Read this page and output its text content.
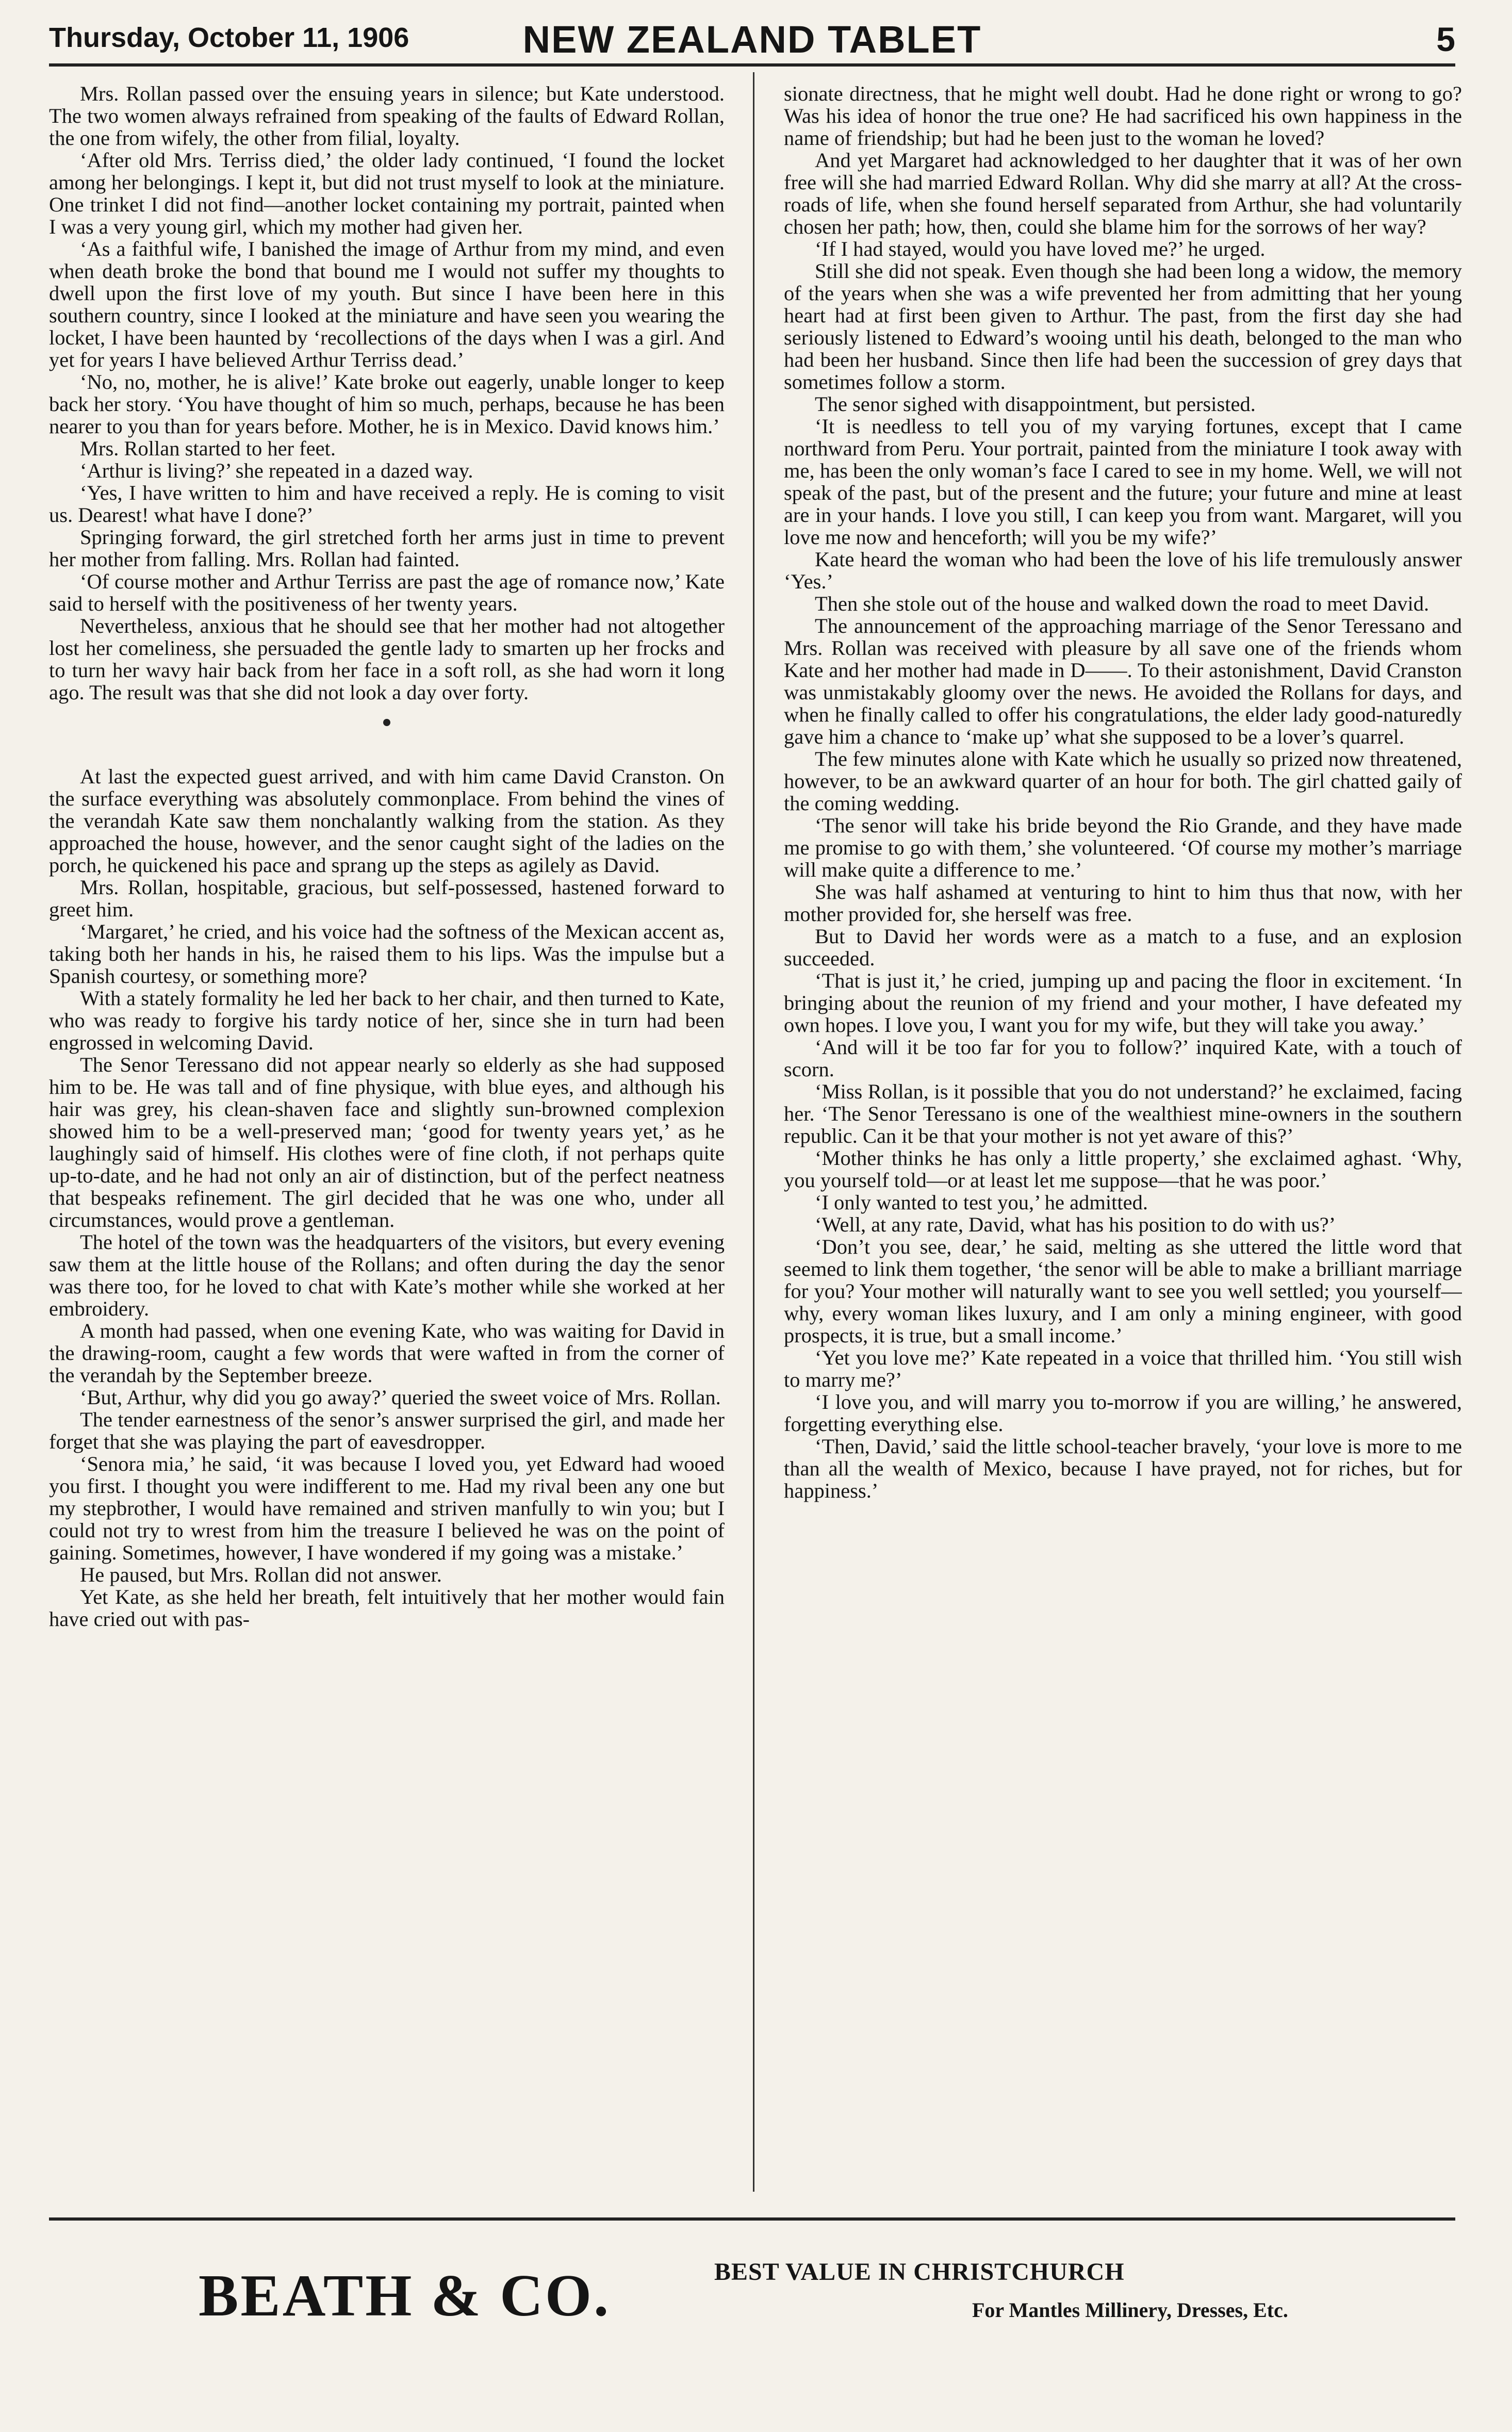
Thursday, October 11, 1906	NEW ZEALAND TABLET	5

Mrs. Rollan passed over the ensuing years in silence; but Kate understood. The two women always refrained from speaking of the faults of Edward Rollan, the one from wifely, the other from filial, loyalty.

‘After old Mrs. Terriss died,’ the older lady continued, ‘I found the locket among her belongings. I kept it, but did not trust myself to look at the miniature. One trinket I did not find—another locket containing my portrait, painted when I was a very young girl, which my mother had given her.

‘As a faithful wife, I banished the image of Arthur from my mind, and even when death broke the bond that bound me I would not suffer my thoughts to dwell upon the first love of my youth. But since I have been here in this southern country, since I looked at the miniature and have seen you wearing the locket, I have been haunted by ‘recollections of the days when I was a girl. And yet for years I have believed Arthur Terriss dead.’

‘No, no, mother, he is alive!’ Kate broke out eagerly, unable longer to keep back her story. ‘You have thought of him so much, perhaps, because he has been nearer to you than for years before. Mother, he is in Mexico. David knows him.’

Mrs. Rollan started to her feet.

‘Arthur is living?’ she repeated in a dazed way.

‘Yes, I have written to him and have received a reply. He is coming to visit us. Dearest! what have I done?’

Springing forward, the girl stretched forth her arms just in time to prevent her mother from falling. Mrs. Rollan had fainted.

‘Of course mother and Arthur Terriss are past the age of romance now,’ Kate said to herself with the positiveness of her twenty years.

Nevertheless, anxious that he should see that her mother had not altogether lost her comeliness, she persuaded the gentle lady to smarten up her frocks and to turn her wavy hair back from her face in a soft roll, as she had worn it long ago. The result was that she did not look a day over forty.

At last the expected guest arrived, and with him came David Cranston. On the surface everything was absolutely commonplace. From behind the vines of the verandah Kate saw them nonchalantly walking from the station. As they approached the house, however, and the senor caught sight of the ladies on the porch, he quickened his pace and sprang up the steps as agilely as David.

Mrs. Rollan, hospitable, gracious, but self-possessed, hastened forward to greet him.

‘Margaret,’ he cried, and his voice had the softness of the Mexican accent as, taking both her hands in his, he raised them to his lips. Was the impulse but a Spanish courtesy, or something more?

With a stately formality he led her back to her chair, and then turned to Kate, who was ready to forgive his tardy notice of her, since she in turn had been engrossed in welcoming David.

The Senor Teressano did not appear nearly so elderly as she had supposed him to be. He was tall and of fine physique, with blue eyes, and although his hair was grey, his clean-shaven face and slightly sun-browned complexion showed him to be a well-preserved man; ‘good for twenty years yet,’ as he laughingly said of himself. His clothes were of fine cloth, if not perhaps quite up-to-date, and he had not only an air of distinction, but of the perfect neatness that bespeaks refinement. The girl decided that he was one who, under all circumstances, would prove a gentleman.

The hotel of the town was the headquarters of the visitors, but every evening saw them at the little house of the Rollans; and often during the day the senor was there too, for he loved to chat with Kate’s mother while she worked at her embroidery.

A month had passed, when one evening Kate, who was waiting for David in the drawing-room, caught a few words that were wafted in from the corner of the verandah by the September breeze.

‘But, Arthur, why did you go away?’ queried the sweet voice of Mrs. Rollan.

The tender earnestness of the senor’s answer surprised the girl, and made her forget that she was playing the part of eavesdropper.

‘Senora mia,’ he said, ‘it was because I loved you, yet Edward had wooed you first. I thought you were indifferent to me. Had my rival been any one but my stepbrother, I would have remained and striven manfully to win you; but I could not try to wrest from him the treasure I believed he was on the point of gaining. Sometimes, however, I have wondered if my going was a mistake.’

He paused, but Mrs. Rollan did not answer.

Yet Kate, as she held her breath, felt intuitively that her mother would fain have cried out with pas-

sionate directness, that he might well doubt. Had he done right or wrong to go? Was his idea of honor the true one? He had sacrificed his own happiness in the name of friendship; but had he been just to the woman he loved?

And yet Margaret had acknowledged to her daughter that it was of her own free will she had married Edward Rollan. Why did she marry at all? At the cross-roads of life, when she found herself separated from Arthur, she had voluntarily chosen her path; how, then, could she blame him for the sorrows of her way?

‘If I had stayed, would you have loved me?’ he urged.

Still she did not speak. Even though she had been long a widow, the memory of the years when she was a wife prevented her from admitting that her young heart had at first been given to Arthur. The past, from the first day she had seriously listened to Edward’s wooing until his death, belonged to the man who had been her husband. Since then life had been the succession of grey days that sometimes follow a storm.

The senor sighed with disappointment, but persisted.

‘It is needless to tell you of my varying fortunes, except that I came northward from Peru. Your portrait, painted from the miniature I took away with me, has been the only woman’s face I cared to see in my home. Well, we will not speak of the past, but of the present and the future; your future and mine at least are in your hands. I love you still, I can keep you from want. Margaret, will you love me now and henceforth; will you be my wife?’

Kate heard the woman who had been the love of his life tremulously answer ‘Yes.’

Then she stole out of the house and walked down the road to meet David.

The announcement of the approaching marriage of the Senor Teressano and Mrs. Rollan was received with pleasure by all save one of the friends whom Kate and her mother had made in D——. To their astonishment, David Cranston was unmistakably gloomy over the news. He avoided the Rollans for days, and when he finally called to offer his congratulations, the elder lady good-naturedly gave him a chance to ‘make up’ what she supposed to be a lover’s quarrel.

The few minutes alone with Kate which he usually so prized now threatened, however, to be an awkward quarter of an hour for both. The girl chatted gaily of the coming wedding.

‘The senor will take his bride beyond the Rio Grande, and they have made me promise to go with them,’ she volunteered. ‘Of course my mother’s marriage will make quite a difference to me.’

She was half ashamed at venturing to hint to him thus that now, with her mother provided for, she herself was free.

But to David her words were as a match to a fuse, and an explosion succeeded.

‘That is just it,’ he cried, jumping up and pacing the floor in excitement. ‘In bringing about the reunion of my friend and your mother, I have defeated my own hopes. I love you, I want you for my wife, but they will take you away.’

‘And will it be too far for you to follow?’ inquired Kate, with a touch of scorn.

‘Miss Rollan, is it possible that you do not understand?’ he exclaimed, facing her. ‘The Senor Teressano is one of the wealthiest mine-owners in the southern republic. Can it be that your mother is not yet aware of this?’

‘Mother thinks he has only a little property,’ she exclaimed aghast. ‘Why, you yourself told—or at least let me suppose—that he was poor.’

‘I only wanted to test you,’ he admitted.

‘Well, at any rate, David, what has his position to do with us?’

‘Don’t you see, dear,’ he said, melting as she uttered the little word that seemed to link them together, ‘the senor will be able to make a brilliant marriage for you? Your mother will naturally want to see you well settled; you yourself—why, every woman likes luxury, and I am only a mining engineer, with good prospects, it is true, but a small income.’

‘Yet you love me?’ Kate repeated in a voice that thrilled him. ‘You still wish to marry me?’

‘I love you, and will marry you to-morrow if you are willing,’ he answered, forgetting everything else.

‘Then, David,’ said the little school-teacher bravely, ‘your love is more to me than all the wealth of Mexico, because I have prayed, not for riches, but for happiness.’

BEATH & CO.	BEST VALUE IN CHRISTCHURCH
For Mantles Millinery, Dresses, Etc.
